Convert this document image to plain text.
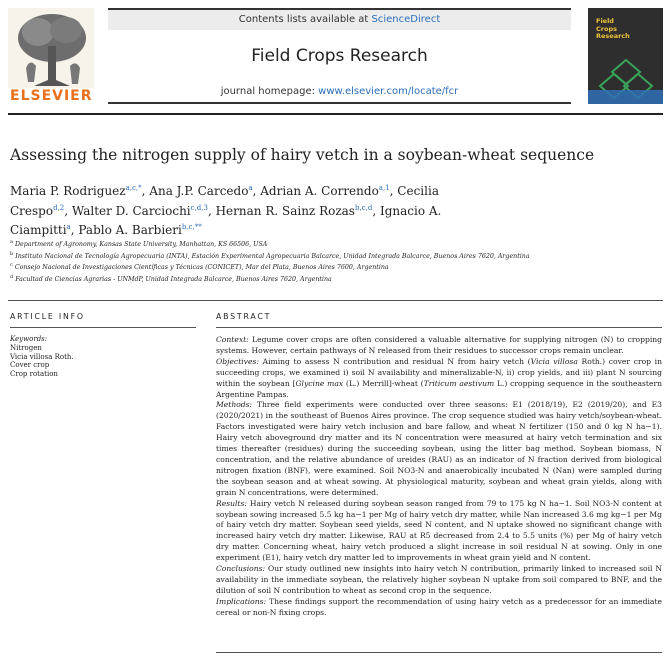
ELSEVIER
Contents lists available at ScienceDirect
Field Crops Research
journal homepage: www.elsevier.com/locate/fcr
Field
Crops
Research
Assessing the nitrogen supply of hairy vetch in a soybean-wheat sequence
Maria P. Rodriguez$^{a,c,*}$, Ana J.P. Carcedo$^a$, Adrian A. Correndo$^{a,1}$, Cecilia Crespo$^{d,2}$, Walter D. Carciochi$^{c,d,3}$, Hernan R. Sainz Rozas$^{b,c,d}$, Ignacio A. Ciampitti$^a$, Pablo A. Barbieri$^{b,c,**}$
$^a$ Department of Agronomy, Kansas State University, Manhattan, KS 66506, USA
$^b$ Instituto Nacional de Tecnología Agropecuaria (INTA), Estación Experimental Agropecuaria Balcarce, Unidad Integrada Balcarce, Buenos Aires 7620, Argentina
$^c$ Consejo Nacional de Investigaciones Científicas y Técnicas (CONICET), Mar del Plata, Buenos Aires 7600, Argentina
$^d$ Facultad de Ciencias Agrarias - UNMdP, Unidad Integrada Balcarce, Buenos Aires 7620, Argentina
ARTICLE INFO	ABSTRACT
Keywords:
Nitrogen
Vicia villosa Roth.
Cover crop
Crop rotation

Context: Legume cover crops are often considered a valuable alternative for supplying nitrogen (N) to cropping systems. However, certain pathways of N released from their residues to successor crops remain unclear.

Objectives: Aiming to assess N contribution and residual N from hairy vetch (Vicia villosa Roth.) cover crop in succeeding crops, we examined i) soil N availability and mineralizable-N, ii) crop yields, and iii) plant N sourcing within the soybean [Glycine max (L.) Merrill]-wheat (Triticum aestivum L.) cropping sequence in the southeastern Argentine Pampas.

Methods: Three field experiments were conducted over three seasons: E1 (2018/19), E2 (2019/20), and E3 (2020/2021) in the southeast of Buenos Aires province. The crop sequence studied was hairy vetch/soybean-wheat. Factors investigated were hairy vetch inclusion and bare fallow, and wheat N fertilizer (150 and 0 kg N ha−1). Hairy vetch aboveground dry matter and its N concentration were measured at hairy vetch termination and six times thereafter (residues) during the succeeding soybean, using the litter bag method. Soybean biomass, N concentration, and the relative abundance of ureides (RAU) as an indicator of N fraction derived from biological nitrogen fixation (BNF), were examined. Soil NO3-N and anaerobically incubated N (Nan) were sampled during the soybean season and at wheat sowing. At physiological maturity, soybean and wheat grain yields, along with grain N concentrations, were determined.

Results: Hairy vetch N released during soybean season ranged from 79 to 175 kg N ha−1. Soil NO3-N content at soybean sowing increased 5.5 kg ha−1 per Mg of hairy vetch dry matter, while Nan increased 3.6 mg kg−1 per Mg of hairy vetch dry matter. Soybean seed yields, seed N content, and N uptake showed no significant change with increased hairy vetch dry matter. Likewise, RAU at R5 decreased from 2.4 to 5.5 units (%) per Mg of hairy vetch dry matter. Concerning wheat, hairy vetch produced a slight increase in soil residual N at sowing. Only in one experiment (E1), hairy vetch dry matter led to improvements in wheat grain yield and N content.

Conclusions: Our study outlined new insights into hairy vetch N contribution, primarily linked to increased soil N availability in the immediate soybean, the relatively higher soybean N uptake from soil compared to BNF, and the dilution of soil N contribution to wheat as second crop in the sequence.

Implications: These findings support the recommendation of using hairy vetch as a predecessor for an immediate cereal or non-N fixing crops.
